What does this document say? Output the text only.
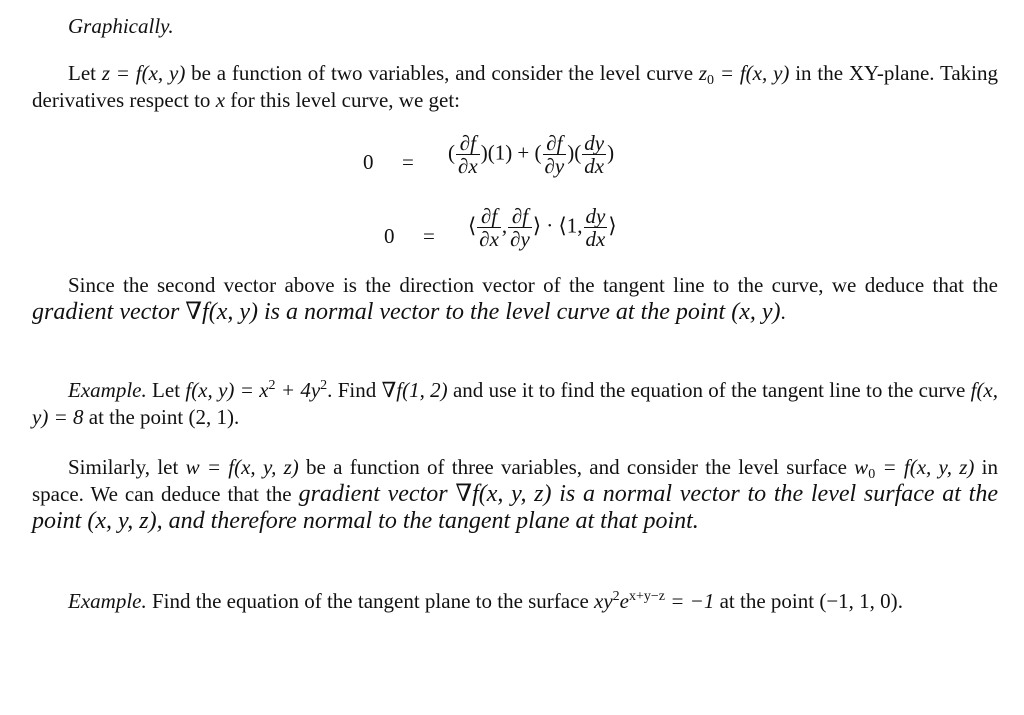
Graphically.
Let z = f(x, y) be a function of two variables, and consider the level curve $z_0 = f(x$, y) in the XY-plane. Taking derivatives respect to x for this level curve, we get:
0 = ( $\frac{\partial f}{\partial x} )(1)$ + ( $\frac{\partial f}{\partial y}$ )( $\frac{dy}{dx}$ )
0 = ⟨ $\frac{\partial f}{\partial x}$ , $\frac{\partial f}{\partial y}$ ⟩ · ⟨1, $\frac{dy}{dx}$ ⟩
Since the second vector above is the direction vector of the tangent line to the curve, we deduce that the gradient vector ∇f(x, y) is a normal vector to the level curve at the point (x, y).
Example. Let f(x, $y) = x^2 + 4y^2$. Find ∇f(1, 2) and use it to find the equation of the tangent line to the curve f(x, y) = 8 at the point (2, 1).
Similarly, let w = f(x, y, z) be a function of three variables, and consider the level surface $w_0 = f(x$, y, z) in space. We can deduce that the gradient vector ∇f(x, y, z) is a normal vector to the level surface at the point (x, y, z), and therefore normal to the tangent plane at that point.
Example. Find the equation of the tangent plane to the surface $xy^2e^{x+y-z} = -1$ at the point (−1, 1, 0).
